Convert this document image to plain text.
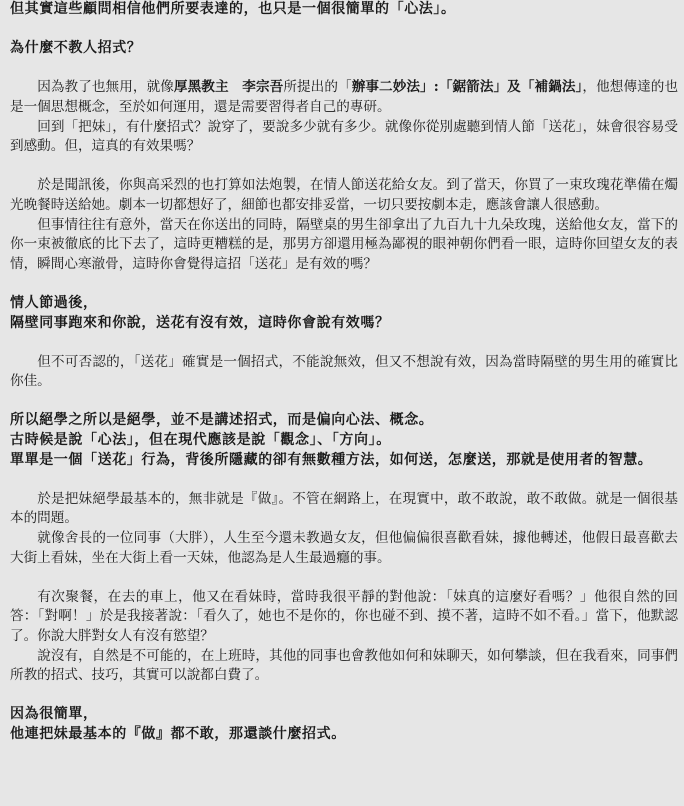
但其實這些顧問相信他們所要表達的，也只是一個很簡單的「心法」。
為什麼不教人招式？

因為教了也無用，就像厚黑教主　李宗吾所提出的「辦事二妙法」:「鋸箭法」及「補鍋法」，他想傳達的也是一個思想概念，至於如何運用，還是需要習得者自己的專研。

回到「把妹」，有什麼招式？說穿了，要說多少就有多少。就像你從別處聽到情人節「送花」，妹會很容易受到感動。但，這真的有效果嗎？

於是聞訊後，你與高采烈的也打算如法炮製，在情人節送花給女友。到了當天，你買了一束玫瑰花準備在燭光晚餐時送給她。劇本一切都想好了，細節也都安排妥當，一切只要按劇本走，應該會讓人很感動。

但事情往往有意外，當天在你送出的同時，隔壁桌的男生卻拿出了九百九十九朵玫瑰，送給他女友，當下的你一束被徹底的比下去了，這時更糟糕的是，那男方卻還用極為鄙視的眼神朝你們看一眼，這時你回望女友的表情，瞬間心寒澈骨，這時你會覺得這招「送花」是有效的嗎？

情人節過後，
隔壁同事跑來和你說，送花有沒有效，這時你會說有效嗎？

但不可否認的，「送花」確實是一個招式，不能說無效，但又不想說有效，因為當時隔壁的男生用的確實比你佳。

所以絕學之所以是絕學，並不是講述招式，而是偏向心法、概念。
古時候是說「心法」，但在現代應該是說「觀念」、「方向」。
單單是一個「送花」行為，背後所隱藏的卻有無數種方法，如何送，怎麼送，那就是使用者的智慧。

於是把妹絕學最基本的，無非就是『做』。不管在網路上，在現實中，敢不敢說，敢不敢做。就是一個很基本的問題。

就像舍長的一位同事（大胖），人生至今還未教過女友，但他偏偏很喜歡看妹，據他轉述，他假日最喜歡去大街上看妹，坐在大街上看一天妹，他認為是人生最過癮的事。

有次聚餐，在去的車上，他又在看妹時，當時我很平靜的對他說：「妹真的這麼好看嗎？」他很自然的回答：「對啊！」於是我接著說：「看久了，她也不是你的，你也碰不到、摸不著，這時不如不看。」當下，他默認了。你說大胖對女人有沒有慾望？

說沒有，自然是不可能的，在上班時，其他的同事也會教他如何和妹聊天，如何攀談，但在我看來，同事們所教的招式、技巧，其實可以說都白費了。

因為很簡單，
他連把妹最基本的『做』都不敢，那還談什麼招式。
